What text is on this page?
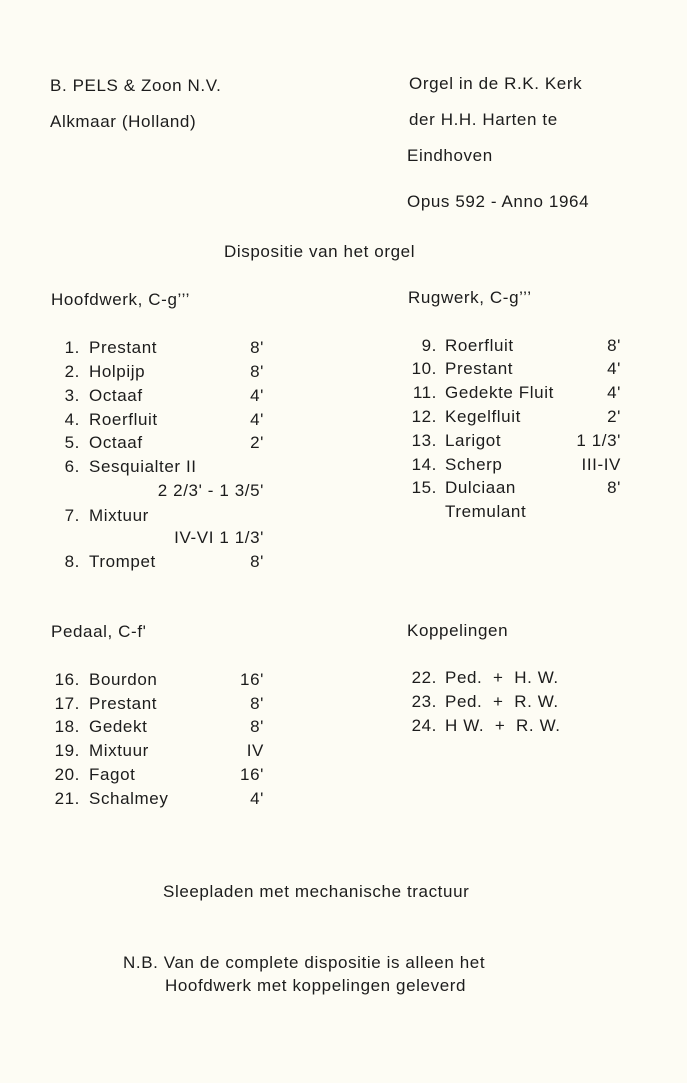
B. PELS & Zoon N.V.
Alkmaar (Holland)
Orgel in de R.K. Kerk
der H.H. Harten te
Eindhoven
Opus 592 - Anno 1964
Dispositie van het orgel
Hoofdwerk, C-g’’’
1. Prestant	8'
2. Holpijp	8'
3. Octaaf	4'
4. Roerfluit	4'
5. Octaaf	2'
6. Sesquialter II
2 2/3' - 1 3/5'
7. Mixtuur
IV-VI 1 1/3'
8. Trompet	8'
Rugwerk, C-g’’’
9. Roerfluit	8'
10. Prestant	4'
11. Gedekte Fluit	4'
12. Kegelfluit	2'
13. Larigot	1 1/3'
14. Scherp	III-IV
15. Dulciaan	8'
Tremulant
Pedaal, C-f'
16. Bourdon	16'
17. Prestant	8'
18. Gedekt	8'
19. Mixtuur	IV
20. Fagot	16'
21. Schalmey	4'
Koppelingen
22. Ped.  +  H. W.
23. Ped.  +  R. W.
24. H W.  +  R. W.
Sleepladen met mechanische tractuur
N.B. Van de complete dispositie is alleen het
Hoofdwerk met koppelingen geleverd
